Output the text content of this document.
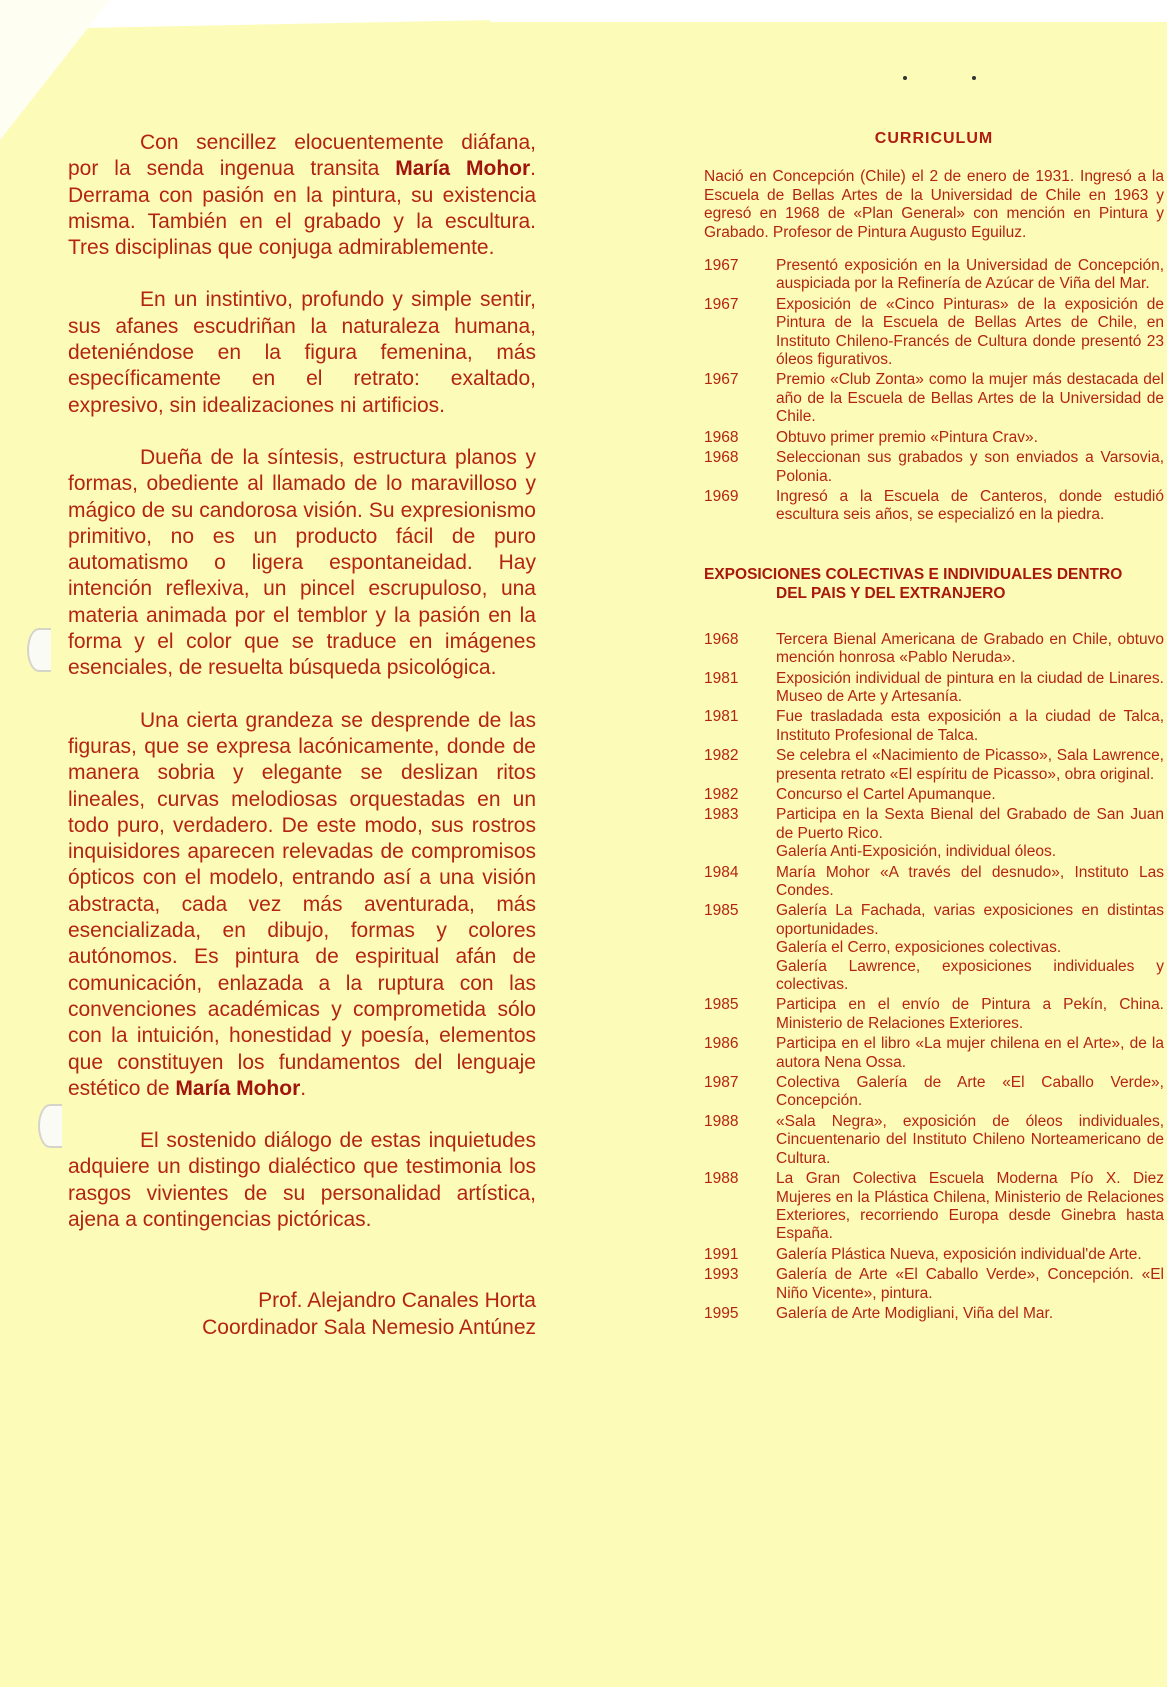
Con sencillez elocuentemente diáfana, por la senda ingenua transita María Mohor. Derrama con pasión en la pintura, su existencia misma. También en el grabado y la escultura. Tres disciplinas que conjuga admirablemente.

En un instintivo, profundo y simple sentir, sus afanes escudriñan la naturaleza humana, deteniéndose en la figura femenina, más específicamente en el retrato: exaltado, expresivo, sin idealizaciones ni artificios.

Dueña de la síntesis, estructura planos y formas, obediente al llamado de lo maravilloso y mágico de su candorosa visión. Su expresionismo primitivo, no es un producto fácil de puro automatismo o ligera espontaneidad. Hay intención reflexiva, un pincel escrupuloso, una materia animada por el temblor y la pasión en la forma y el color que se traduce en imágenes esenciales, de resuelta búsqueda psicológica.

Una cierta grandeza se desprende de las figuras, que se expresa lacónicamente, donde de manera sobria y elegante se deslizan ritos lineales, curvas melodiosas orquestadas en un todo puro, verdadero. De este modo, sus rostros inquisidores aparecen relevadas de compromisos ópticos con el modelo, entrando así a una visión abstracta, cada vez más aventurada, más esencializada, en dibujo, formas y colores autónomos. Es pintura de espiritual afán de comunicación, enlazada a la ruptura con las convenciones académicas y comprometida sólo con la intuición, honestidad y poesía, elementos que constituyen los fundamentos del lenguaje estético de María Mohor.

El sostenido diálogo de estas inquietudes adquiere un distingo dialéctico que testimonia los rasgos vivientes de su personalidad artística, ajena a contingencias pictóricas.

Prof. Alejandro Canales Horta
Coordinador Sala Nemesio Antúnez
CURRICULUM

Nació en Concepción (Chile) el 2 de enero de 1931. Ingresó a la Escuela de Bellas Artes de la Universidad de Chile en 1963 y egresó en 1968 de «Plan General» con mención en Pintura y Grabado. Profesor de Pintura Augusto Eguiluz.

1967	Presentó exposición en la Universidad de Concepción, auspiciada por la Refinería de Azúcar de Viña del Mar.
1967	Exposición de «Cinco Pinturas» de la exposición de Pintura de la Escuela de Bellas Artes de Chile, en Instituto Chileno-Francés de Cultura donde presentó 23 óleos figurativos.
1967	Premio «Club Zonta» como la mujer más destacada del año de la Escuela de Bellas Artes de la Universidad de Chile.
1968	Obtuvo primer premio «Pintura Crav».
1968	Seleccionan sus grabados y son enviados a Varsovia, Polonia.
1969	Ingresó a la Escuela de Canteros, donde estudió escultura seis años, se especializó en la piedra.
EXPOSICIONES COLECTIVAS E INDIVIDUALES DENTRO
DEL PAIS Y DEL EXTRANJERO
1968	Tercera Bienal Americana de Grabado en Chile, obtuvo mención honrosa «Pablo Neruda».
1981	Exposición individual de pintura en la ciudad de Linares. Museo de Arte y Artesanía.
1981	Fue trasladada esta exposición a la ciudad de Talca, Instituto Profesional de Talca.
1982	Se celebra el «Nacimiento de Picasso», Sala Lawrence, presenta retrato «El espíritu de Picasso», obra original.
1982	Concurso el Cartel Apumanque.
1983	Participa en la Sexta Bienal del Grabado de San Juan de Puerto Rico.
Galería Anti-Exposición, individual óleos.
1984	María Mohor «A través del desnudo», Instituto Las Condes.
1985	Galería La Fachada, varias exposiciones en distintas oportunidades.
Galería el Cerro, exposiciones colectivas.
Galería Lawrence, exposiciones individuales y colectivas.
1985	Participa en el envío de Pintura a Pekín, China. Ministerio de Relaciones Exteriores.
1986	Participa en el libro «La mujer chilena en el Arte», de la autora Nena Ossa.
1987	Colectiva Galería de Arte «El Caballo Verde», Concepción.
1988	«Sala Negra», exposición de óleos individuales, Cincuentenario del Instituto Chileno Norteamericano de Cultura.
1988	La Gran Colectiva Escuela Moderna Pío X. Diez Mujeres en la Plástica Chilena, Ministerio de Relaciones Exteriores, recorriendo Europa desde Ginebra hasta España.
1991	Galería Plástica Nueva, exposición individual'de Arte.
1993	Galería de Arte «El Caballo Verde», Concepción. «El Niño Vicente», pintura.
1995	Galería de Arte Modigliani, Viña del Mar.
